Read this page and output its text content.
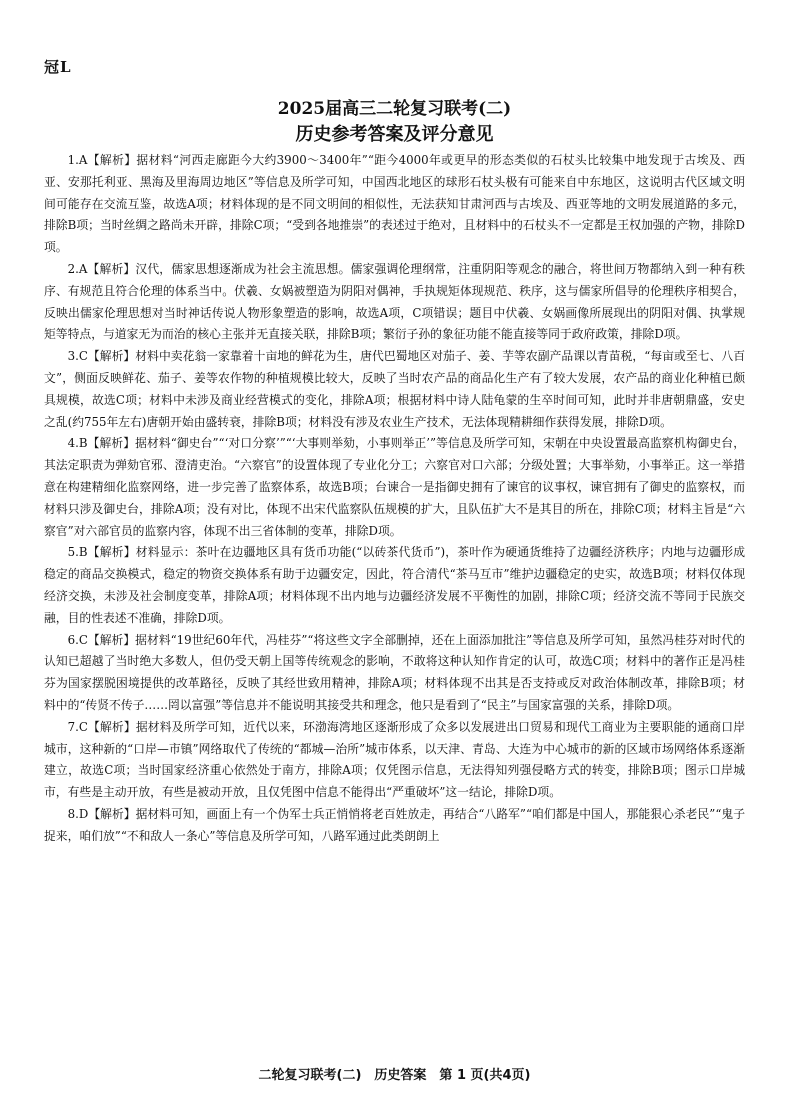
冠L
2025届高三二轮复习联考(二)
历史参考答案及评分意见

1.A【解析】据材料“河西走廊距今大约3900～3400年”“距今4000年或更早的形态类似的石杖头比较集中地发现于古埃及、西亚、安那托利亚、黑海及里海周边地区”等信息及所学可知，中国西北地区的球形石杖头极有可能来自中东地区，这说明古代区域文明间可能存在交流互鉴，故选A项；材料体现的是不同文明间的相似性，无法获知甘肃河西与古埃及、西亚等地的文明发展道路的多元，排除B项；当时丝绸之路尚未开辟，排除C项；“受到各地推崇”的表述过于绝对，且材料中的石杖头不一定都是王权加强的产物，排除D项。

2.A【解析】汉代，儒家思想逐渐成为社会主流思想。儒家强调伦理纲常，注重阴阳等观念的融合，将世间万物都纳入到一种有秩序、有规范且符合伦理的体系当中。伏羲、女娲被塑造为阴阳对偶神，手执规矩体现规范、秩序，这与儒家所倡导的伦理秩序相契合，反映出儒家伦理思想对当时神话传说人物形象塑造的影响，故选A项，C项错误；题目中伏羲、女娲画像所展现出的阴阳对偶、执掌规矩等特点，与道家无为而治的核心主张并无直接关联，排除B项；繁衍子孙的象征功能不能直接等同于政府政策，排除D项。

3.C【解析】材料中卖花翁一家靠着十亩地的鲜花为生，唐代巴蜀地区对茄子、姜、芋等农副产品课以青苗税，“每亩或至七、八百文”，侧面反映鲜花、茄子、姜等农作物的种植规模比较大，反映了当时农产品的商品化生产有了较大发展，农产品的商业化种植已颇具规模，故选C项；材料中未涉及商业经营模式的变化，排除A项；根据材料中诗人陆龟蒙的生卒时间可知，此时并非唐朝鼎盛，安史之乱(约755年左右)唐朝开始由盛转衰，排除B项；材料没有涉及农业生产技术，无法体现精耕细作获得发展，排除D项。

4.B【解析】据材料“御史台”“‘对口分察’”“‘大事则举劾，小事则举正’”等信息及所学可知，宋朝在中央设置最高监察机构御史台，其法定职责为弹劾官邪、澄清吏治。“六察官”的设置体现了专业化分工；六察官对口六部；分级处置；大事举劾，小事举正。这一举措意在构建精细化监察网络，进一步完善了监察体系，故选B项；台谏合一是指御史拥有了谏官的议事权，谏官拥有了御史的监察权，而材料只涉及御史台，排除A项；没有对比，体现不出宋代监察队伍规模的扩大，且队伍扩大不是其目的所在，排除C项；材料主旨是“六察官”对六部官员的监察内容，体现不出三省体制的变革，排除D项。

5.B【解析】材料显示：茶叶在边疆地区具有货币功能(“以砖茶代货币”)，茶叶作为硬通货维持了边疆经济秩序；内地与边疆形成稳定的商品交换模式，稳定的物资交换体系有助于边疆安定，因此，符合清代“茶马互市”维护边疆稳定的史实，故选B项；材料仅体现经济交换，未涉及社会制度变革，排除A项；材料体现不出内地与边疆经济发展不平衡性的加剧，排除C项；经济交流不等同于民族交融，目的性表述不准确，排除D项。

6.C【解析】据材料“19世纪60年代，冯桂芬”“将这些文字全部删掉，还在上面添加批注”等信息及所学可知，虽然冯桂芬对时代的认知已超越了当时绝大多数人，但仍受天朝上国等传统观念的影响，不敢将这种认知作肯定的认可，故选C项；材料中的著作正是冯桂芬为国家摆脱困境提供的改革路径，反映了其经世致用精神，排除A项；材料体现不出其是否支持或反对政治体制改革，排除B项；材料中的“传贤不传子……罔以富强”等信息并不能说明其接受共和理念，他只是看到了“民主”与国家富强的关系，排除D项。

7.C【解析】据材料及所学可知，近代以来，环渤海湾地区逐渐形成了众多以发展进出口贸易和现代工商业为主要职能的通商口岸城市，这种新的“口岸—市镇”网络取代了传统的“都城—治所”城市体系，以天津、青岛、大连为中心城市的新的区域市场网络体系逐渐建立，故选C项；当时国家经济重心依然处于南方，排除A项；仅凭图示信息，无法得知列强侵略方式的转变，排除B项；图示口岸城市，有些是主动开放，有些是被动开放，且仅凭图中信息不能得出“严重破坏”这一结论，排除D项。

8.D【解析】据材料可知，画面上有一个伪军士兵正悄悄将老百姓放走，再结合“八路军”“咱们都是中国人，那能狠心杀老民”“鬼子捉来，咱们放”“不和敌人一条心”等信息及所学可知，八路军通过此类朗朗上

二轮复习联考(二)　历史答案　第 1 页(共4页)
